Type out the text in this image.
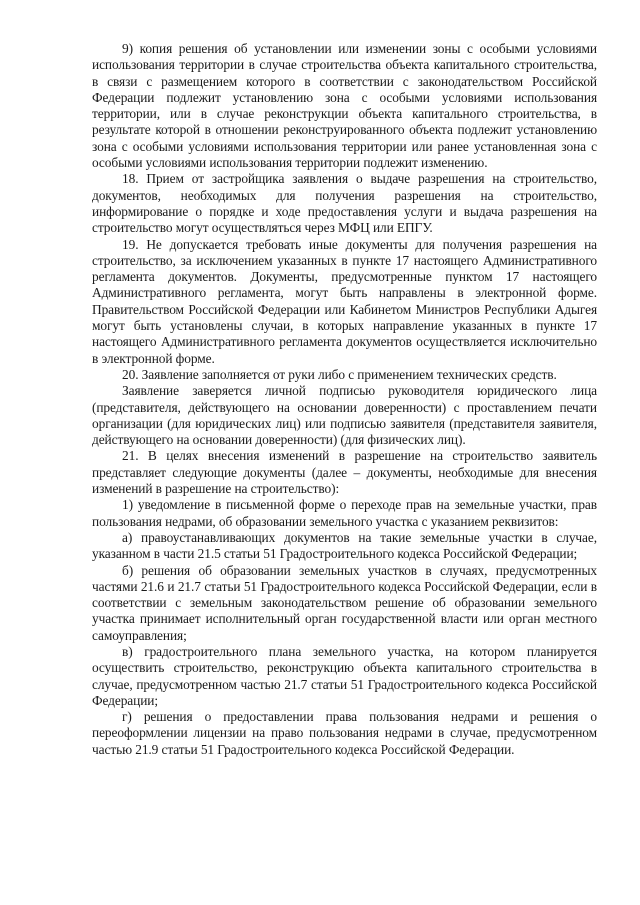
9) копия решения об установлении или изменении зоны с особыми условиями использования территории в случае строительства объекта капитального строительства, в связи с размещением которого в соответствии с законодательством Российской Федерации подлежит установлению зона с особыми условиями использования территории, или в случае реконструкции объекта капитального строительства, в результате которой в отношении реконструированного объекта подлежит установлению зона с особыми условиями использования территории или ранее установленная зона с особыми условиями использования территории подлежит изменению.

18. Прием от застройщика заявления о выдаче разрешения на строительство, документов, необходимых для получения разрешения на строительство, информирование о порядке и ходе предоставления услуги и выдача разрешения на строительство могут осуществляться через МФЦ или ЕПГУ.

19. Не допускается требовать иные документы для получения разрешения на строительство, за исключением указанных в пункте 17 настоящего Административного регламента документов. Документы, предусмотренные пунктом 17 настоящего Административного регламента, могут быть направлены в электронной форме. Правительством Российской Федерации или Кабинетом Министров Республики Адыгея могут быть установлены случаи, в которых направление указанных в пункте 17 настоящего Административного регламента документов осуществляется исключительно в электронной форме.

20. Заявление заполняется от руки либо с применением технических средств.

Заявление заверяется личной подписью руководителя юридического лица (представителя, действующего на основании доверенности) с проставлением печати организации (для юридических лиц) или подписью заявителя (представителя заявителя, действующего на основании доверенности) (для физических лиц).

21. В целях внесения изменений в разрешение на строительство заявитель представляет следующие документы (далее – документы, необходимые для внесения изменений в разрешение на строительство):

1) уведомление в письменной форме о переходе прав на земельные участки, прав пользования недрами, об образовании земельного участка с указанием реквизитов:

а) правоустанавливающих документов на такие земельные участки в случае, указанном в части 21.5 статьи 51 Градостроительного кодекса Российской Федерации;

б) решения об образовании земельных участков в случаях, предусмотренных частями 21.6 и 21.7 статьи 51 Градостроительного кодекса Российской Федерации, если в соответствии с земельным законодательством решение об образовании земельного участка принимает исполнительный орган государственной власти или орган местного самоуправления;

в) градостроительного плана земельного участка, на котором планируется осуществить строительство, реконструкцию объекта капитального строительства в случае, предусмотренном частью 21.7 статьи 51 Градостроительного кодекса Российской Федерации;

г) решения о предоставлении права пользования недрами и решения о переоформлении лицензии на право пользования недрами в случае, предусмотренном частью 21.9 статьи 51 Градостроительного кодекса Российской Федерации.
